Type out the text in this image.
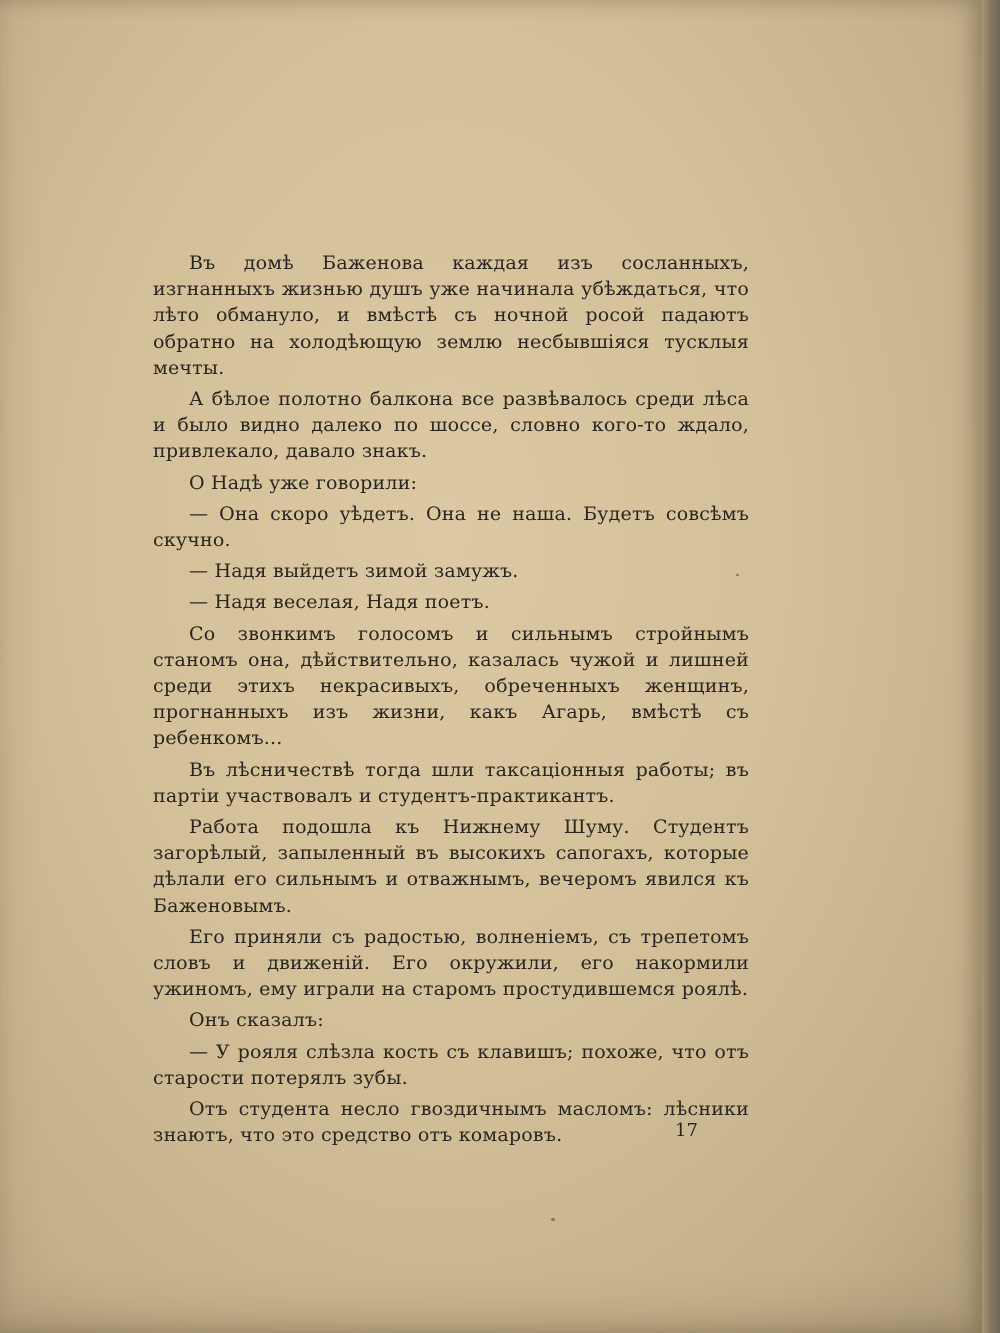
Въ домѣ Баженова каждая изъ сосланныхъ, изгнанныхъ жизнью душъ уже начинала убѣждаться, что лѣто обмануло, и вмѣстѣ съ ночной росой падаютъ обратно на холодѣющую землю несбывшіяся тусклыя мечты.

А бѣлое полотно балкона все развѣвалось среди лѣса и было видно далеко по шоссе, словно кого-то ждало, привлекало, давало знакъ.

О Надѣ уже говорили:

— Она скоро уѣдетъ. Она не наша. Будетъ совсѣмъ скучно.

— Надя выйдетъ зимой замужъ.

— Надя веселая, Надя поетъ.

Со звонкимъ голосомъ и сильнымъ стройнымъ станомъ она, дѣйствительно, казалась чужой и лишней среди этихъ некрасивыхъ, обреченныхъ женщинъ, прогнанныхъ изъ жизни, какъ Агарь, вмѣстѣ съ ребенкомъ...

Въ лѣсничествѣ тогда шли таксаціонныя работы; въ партіи участвовалъ и студентъ-практикантъ.

Работа подошла къ Нижнему Шуму. Студентъ загорѣлый, запыленный въ высокихъ сапогахъ, которые дѣлали его сильнымъ и отважнымъ, вечеромъ явился къ Баженовымъ.

Его приняли съ радостью, волненіемъ, съ трепетомъ словъ и движеній. Его окружили, его накормили ужиномъ, ему играли на старомъ простудившемся роялѣ.

Онъ сказалъ:

— У рояля слѣзла кость съ клавишъ; похоже, что отъ старости потерялъ зубы.

Отъ студента несло гвоздичнымъ масломъ: лѣсники знаютъ, что это средство отъ комаровъ.	17
